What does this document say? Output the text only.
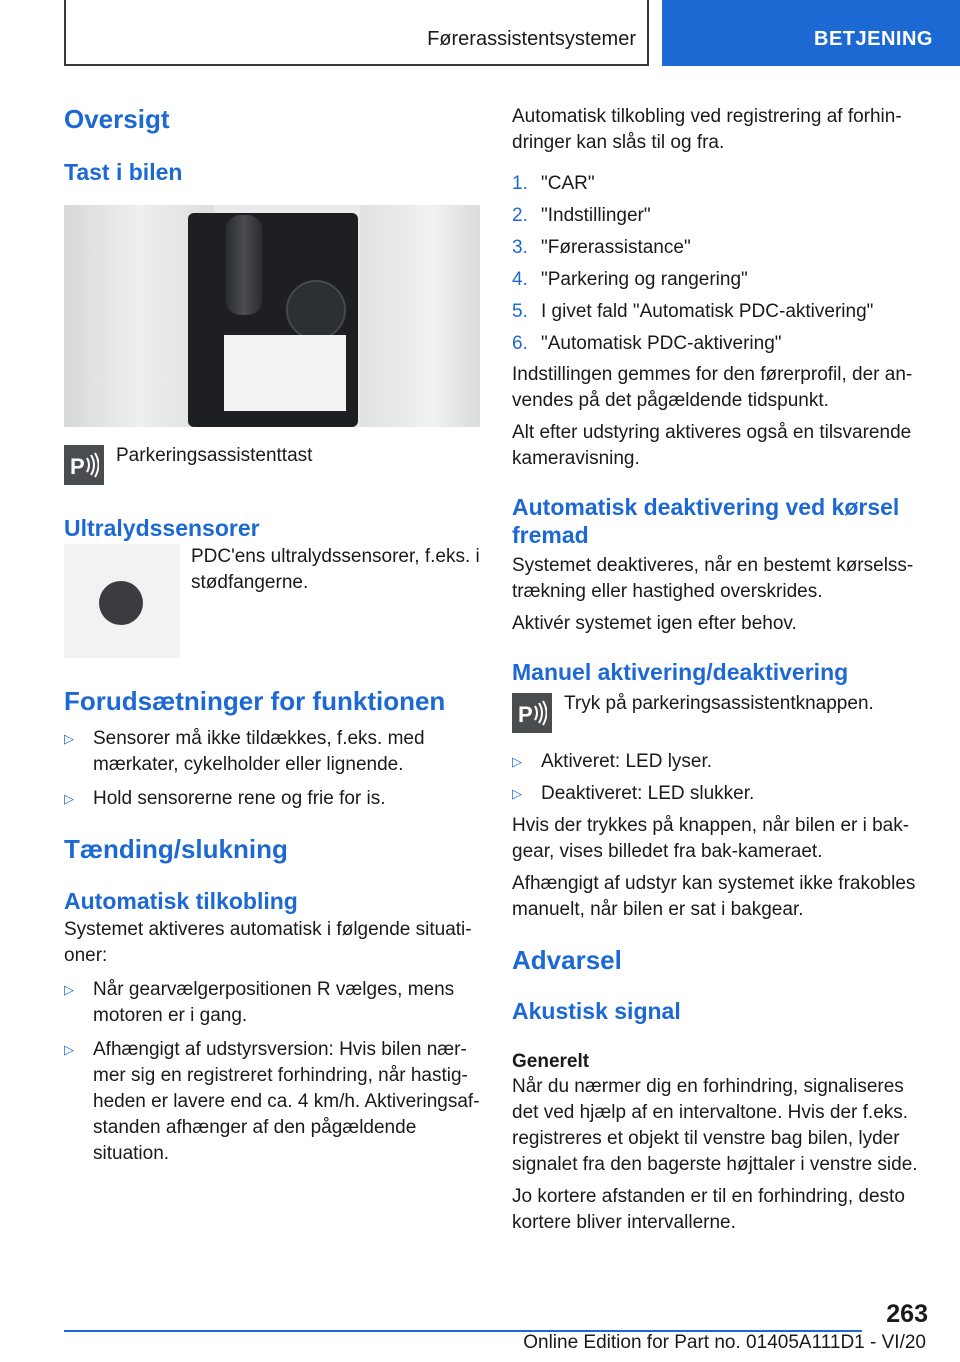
Førerassistentsystemer	BETJENING
Oversigt
Tast i bilen
P Parkeringsassistenttast

Ultralydssensorer

PDC'ens ultralydssensorer, f.eks. i stødfangerne.

Forudsætninger for funktionen
▷ Sensorer må ikke tildækkes, f.eks. med mærkater, cykelholder eller lignende.
▷ Hold sensorerne rene og frie for is.
Tænding/slukning
Automatisk tilkobling

Systemet aktiveres automatisk i følgende situati-oner:

▷ Når gearvælgerpositionen R vælges, mens motoren er i gang.
▷ Afhængigt af udstyrsversion: Hvis bilen nær-mer sig en registreret forhindring, når hastig-heden er lavere end ca. 4 km/h. Aktiveringsaf-standen afhænger af den pågældende situation.

Automatisk tilkobling ved registrering af forhin-dringer kan slås til og fra.

1. "CAR"
2. "Indstillinger"
3. "Førerassistance"
4. "Parkering og rangering"
5. I givet fald "Automatisk PDC-aktivering"
6. "Automatisk PDC-aktivering"

Indstillingen gemmes for den førerprofil, der an-vendes på det pågældende tidspunkt.

Alt efter udstyring aktiveres også en tilsvarende kameravisning.

Automatisk deaktivering ved kørsel fremad

Systemet deaktiveres, når en bestemt kørselss-trækning eller hastighed overskrides.

Aktivér systemet igen efter behov.

Manuel aktivering/deaktivering
P Tryk på parkeringsassistentknappen.

▷ Aktiveret: LED lyser.
▷ Deaktiveret: LED slukker.

Hvis der trykkes på knappen, når bilen er i bak-gear, vises billedet fra bak-kameraet.

Afhængigt af udstyr kan systemet ikke frakobles manuelt, når bilen er sat i bakgear.

Advarsel
Akustisk signal
Generelt

Når du nærmer dig en forhindring, signaliseres det ved hjælp af en intervaltone. Hvis der f.eks. registreres et objekt til venstre bag bilen, lyder signalet fra den bagerste højttaler i venstre side.

Jo kortere afstanden er til en forhindring, desto kortere bliver intervallerne.

263
Online Edition for Part no. 01405A111D1 - VI/20
